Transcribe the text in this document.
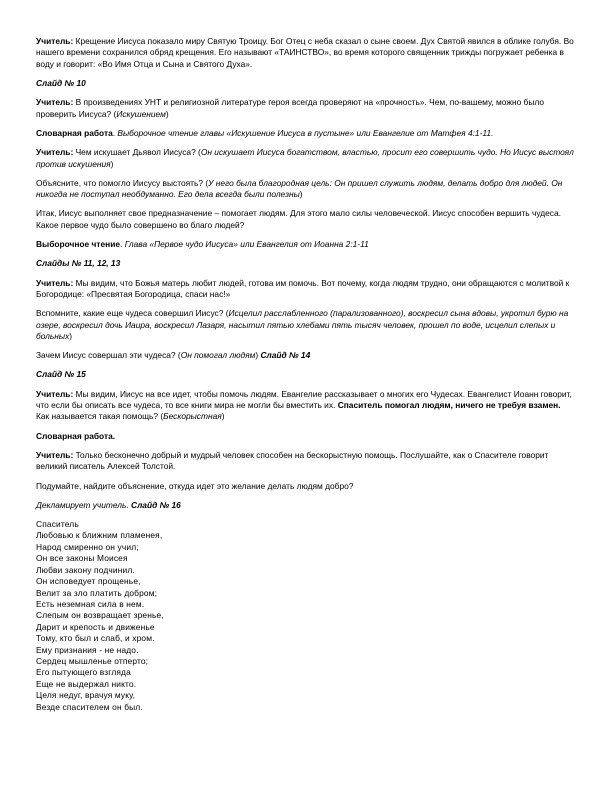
Учитель: Крещение Иисуса показало миру Святую Троицу. Бог Отец с неба сказал о сыне своем. Дух Святой явился в облике голубя. Во нашего времени сохранился обряд крещения. Его называют «ТАИНСТВО», во время которого священник трижды погружает ребенка в воду и говорит: «Во Имя Отца и Сына и Святого Духа».
Слайд № 10
Учитель: В произведениях УНТ и религиозной литературе героя всегда проверяют на «прочность». Чем, по-вашему, можно было проверить Иисуса? (Искушением)
Словарная работа. Выборочное чтение главы «Искушение Иисуса в пустыне» или Евангелие от Матфея 4:1-11.
Учитель: Чем искушает Дьявол Иисуса? (Он искушает Иисуса богатством, властью, просит его совершить чудо. Но Иисус выстоял против искушения)
Объясните, что помогло Иисусу выстоять? (У него была благородная цель: Он пришел служить людям, делать добро для людей. Он никогда не поступал необдуманно. Его дела всегда были полезны)
Итак, Иисус выполняет свое предназначение – помогает людям. Для этого мало силы человеческой. Иисус способен вершить чудеса. Какое первое чудо было совершено во благо людей?
Выборочное чтение. Глава «Первое чудо Иисуса» или Евангелия от Иоанна 2:1-11
Слайды № 11, 12, 13
Учитель: Мы видим, что Божья матерь любит людей, готова им помочь. Вот почему, когда людям трудно, они обращаются с молитвой к Богородице: «Пресвятая Богородица, спаси нас!»
Вспомните, какие еще чудеса совершил Иисус? (Исцелил расслабленного (парализованного), воскресил сына вдовы, укротил бурю на озере, воскресил дочь Иаира, воскресил Лазаря, насытил пятью хлебами пять тысяч человек, прошел по воде, исцелил слепых и больных)
Зачем Иисус совершал эти чудеса? (Он помогал людям) Слайд № 14
Слайд № 15
Учитель: Мы видим, Иисус на все идет, чтобы помочь людям. Евангелие рассказывает о многих его Чудесах. Евангелист Иоанн говорит, что если бы описать все чудеса, то все книги мира не могли бы вместить их. Спаситель помогал людям, ничего не требуя взамен. Как называется такая помощь? (Бескорыстная)
Словарная работа.
Учитель: Только бесконечно добрый и мудрый человек способен на бескорыстную помощь. Послушайте, как о Спасителе говорит великий писатель Алексей Толстой.
Подумайте, найдите объяснение, откуда идет это желание делать людям добро?
Декламирует учитель. Слайд № 16
Спаситель
Любовью к ближним пламенея,
Народ смиренно он учил;
Он все законы Моисея
Любви закону подчинил.
Он исповедует прощенье,
Велит за зло платить добром;
Есть неземная сила в нем.
Слепым он возвращает зренье,
Дарит и крепость и движенье
Тому, кто был и слаб, и хром.
Ему признания - не надо.
Сердец мышленье отперто;
Его пытующего взгляда
Еще не выдержал никто.
Целя недуг, врачуя муку,
Везде спасителем он был.
